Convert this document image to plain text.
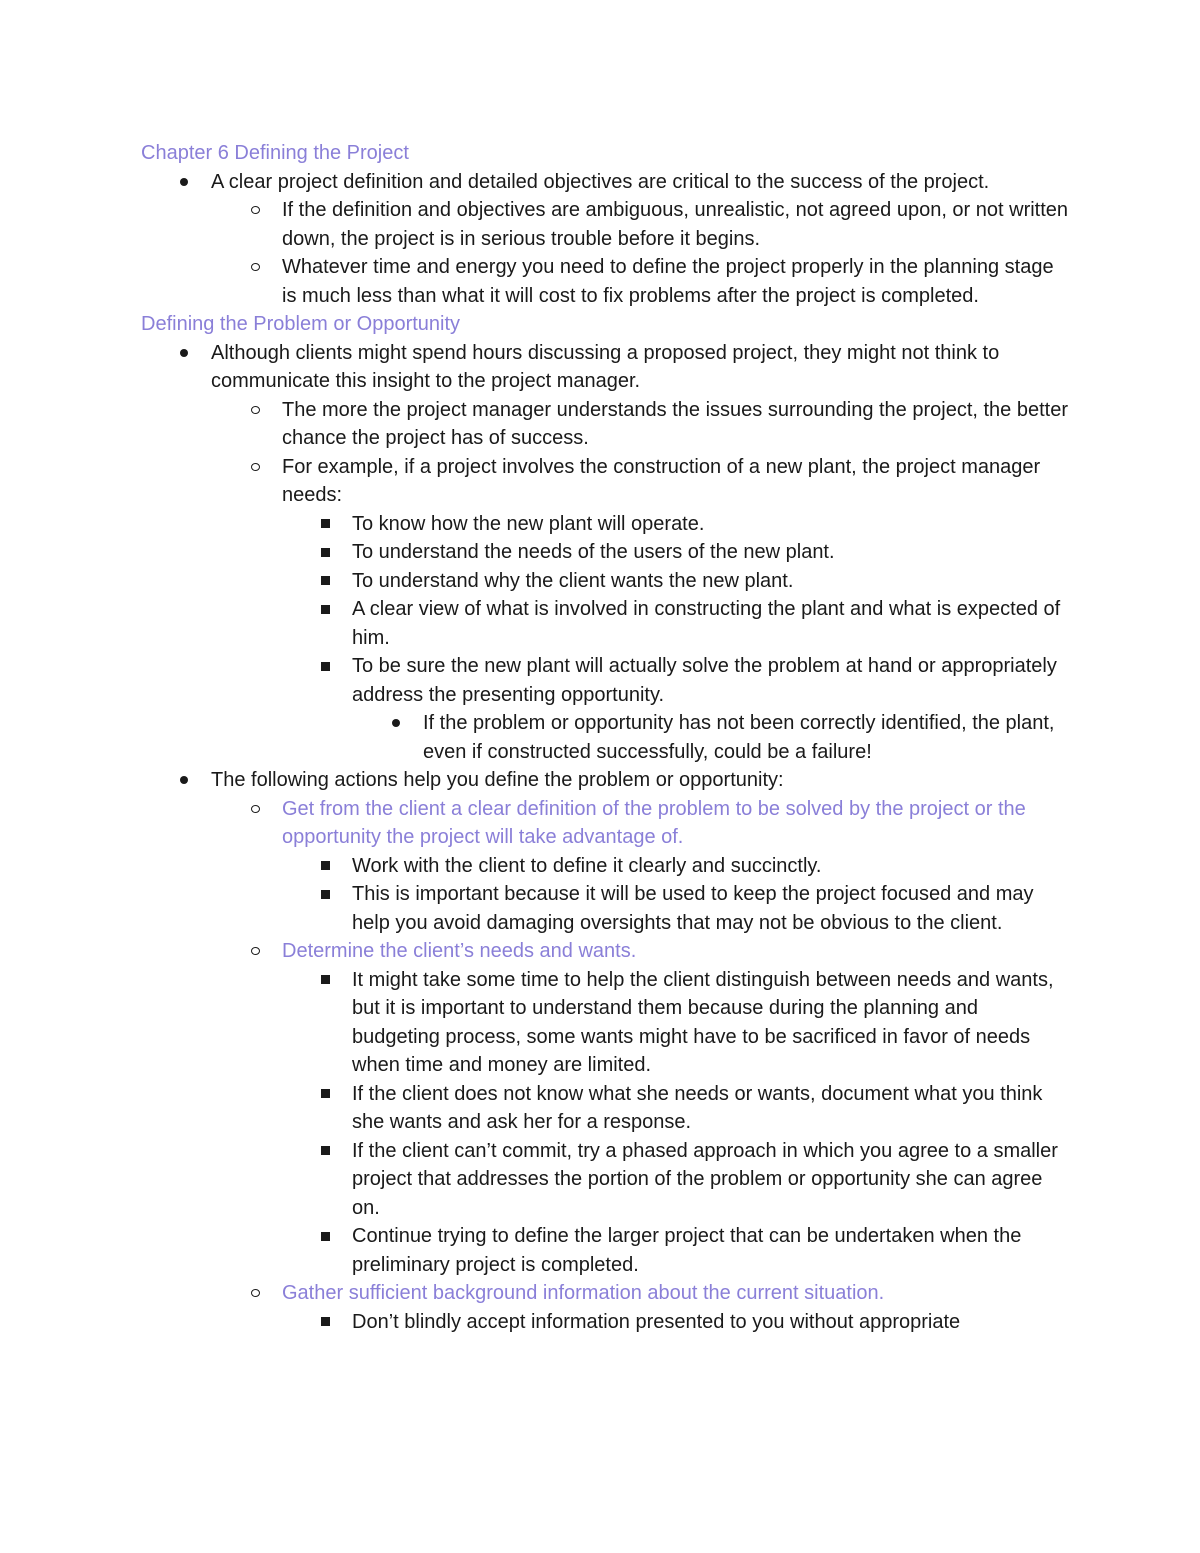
Chapter 6 Defining the Project
A clear project definition and detailed objectives are critical to the success of the project.
If the definition and objectives are ambiguous, unrealistic, not agreed upon, or not written down, the project is in serious trouble before it begins.
Whatever time and energy you need to define the project properly in the planning stage is much less than what it will cost to fix problems after the project is completed.
Defining the Problem or Opportunity
Although clients might spend hours discussing a proposed project, they might not think to communicate this insight to the project manager.
The more the project manager understands the issues surrounding the project, the better chance the project has of success.
For example, if a project involves the construction of a new plant, the project manager needs:
To know how the new plant will operate.
To understand the needs of the users of the new plant.
To understand why the client wants the new plant.
A clear view of what is involved in constructing the plant and what is expected of him.
To be sure the new plant will actually solve the problem at hand or appropriately address the presenting opportunity.
If the problem or opportunity has not been correctly identified, the plant, even if constructed successfully, could be a failure!
The following actions help you define the problem or opportunity:
Get from the client a clear definition of the problem to be solved by the project or the opportunity the project will take advantage of.
Work with the client to define it clearly and succinctly.
This is important because it will be used to keep the project focused and may help you avoid damaging oversights that may not be obvious to the client.
Determine the client’s needs and wants.
It might take some time to help the client distinguish between needs and wants, but it is important to understand them because during the planning and budgeting process, some wants might have to be sacrificed in favor of needs when time and money are limited.
If the client does not know what she needs or wants, document what you think she wants and ask her for a response.
If the client can’t commit, try a phased approach in which you agree to a smaller project that addresses the portion of the problem or opportunity she can agree on.
Continue trying to define the larger project that can be undertaken when the preliminary project is completed.
Gather sufficient background information about the current situation.
Don’t blindly accept information presented to you without appropriate
